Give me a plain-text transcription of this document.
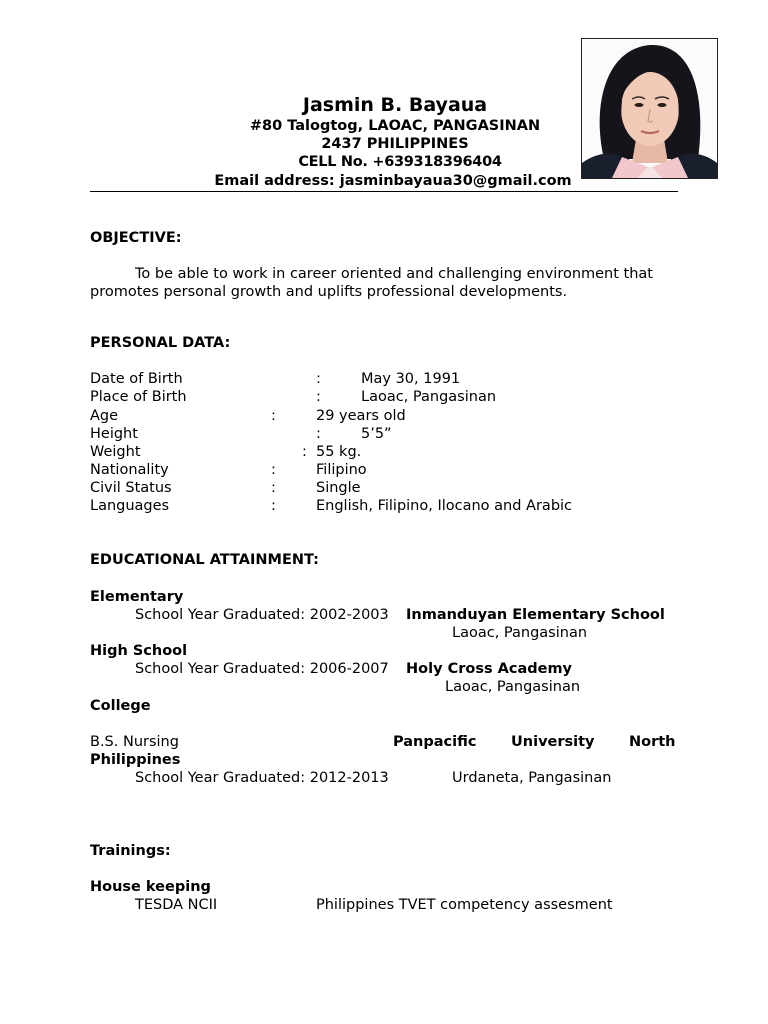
Jasmin B. Bayaua
#80 Talogtog, LAOAC, PANGASINAN
2437 PHILIPPINES
CELL No. +639318396404
Email address: jasminbayaua30@gmail.com
OBJECTIVE:
To be able to work in career oriented and challenging environment that promotes personal growth and uplifts professional developments.
PERSONAL DATA:
Date of Birth	:	May 30, 1991
Place of Birth	:	Laoac, Pangasinan
Age	:	29 years old
Height	:	5’5”
Weight	: 55 kg.
Nationality	:	Filipino
Civil Status	:	Single
Languages	:	English, Filipino, Ilocano and Arabic
EDUCATIONAL ATTAINMENT:
Elementary
School Year Graduated: 2002-2003 Inmanduyan Elementary School
Laoac, Pangasinan
High School
School Year Graduated: 2006-2007 Holy Cross Academy
Laoac, Pangasinan
College
B.S. Nursing	Panpacific University North
Philippines
School Year Graduated: 2012-2013	Urdaneta, Pangasinan
Trainings:
House keeping
TESDA NCII	Philippines TVET competency assesment
